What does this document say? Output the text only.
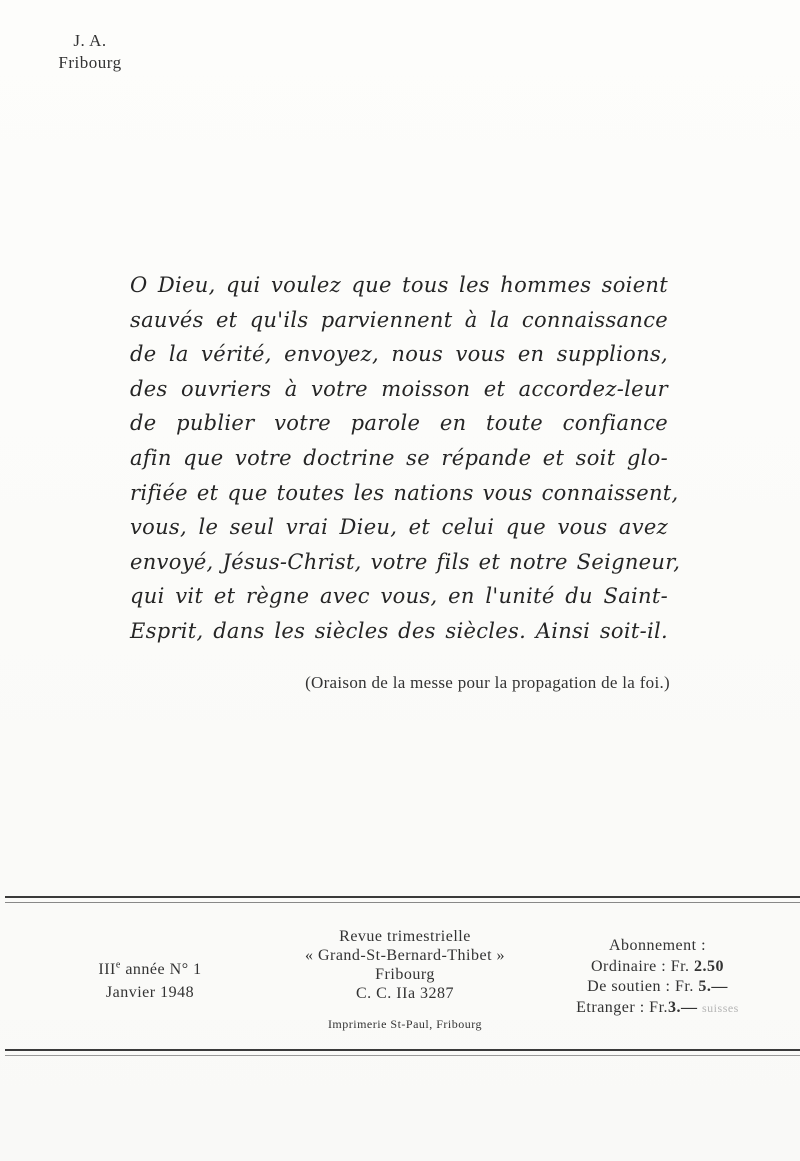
J. A.
Fribourg
O Dieu, qui voulez que tous les hommes soient
sauvés et qu'ils parviennent à la connaissance
de la vérité, envoyez, nous vous en supplions,
des ouvriers à votre moisson et accordez-leur
de publier votre parole en toute confiance
afin que votre doctrine se répande et soit glo-
rifiée et que toutes les nations vous connaissent,
vous, le seul vrai Dieu, et celui que vous avez
envoyé, Jésus-Christ, votre fils et notre Seigneur,
qui vit et règne avec vous, en l'unité du Saint-
Esprit, dans les siècles des siècles. Ainsi soit-il.
(Oraison de la messe pour la propagation de la foi.)
IIIe année N° 1
Janvier 1948
Revue trimestrielle
« Grand-St-Bernard-Thibet »
Fribourg
C. C. IIa 3287
Imprimerie St-Paul, Fribourg
Abonnement :
Ordinaire : Fr. 2.50
De soutien : Fr. 5.—
Etranger : Fr.3.— suisses
